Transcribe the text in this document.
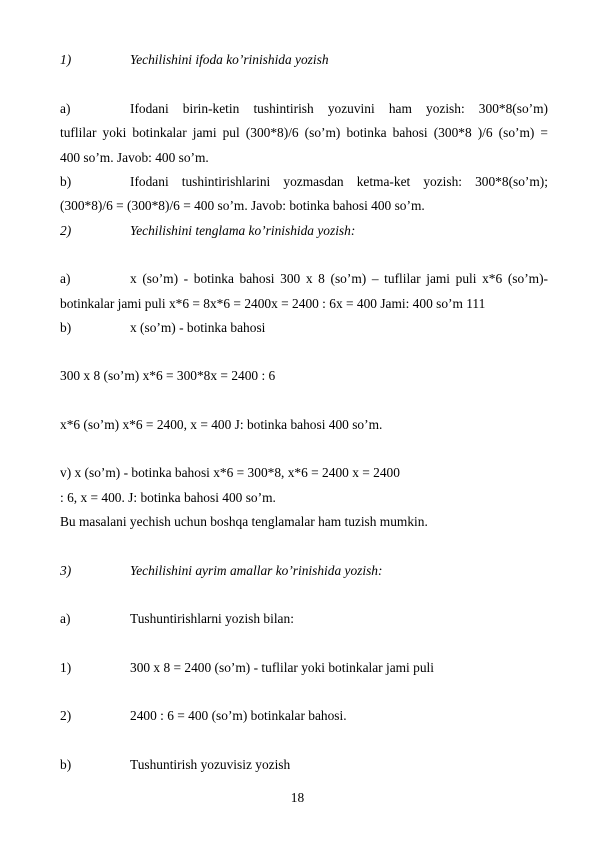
1)	Yechilishini ifoda ko’rinishida yozish
a)	Ifodani birin-ketin tushintirish yozuvini ham yozish: 300*8(so’m)
tuflilar yoki botinkalar jami pul (300*8)/6 (so’m) botinka bahosi (300*8 )/6 (so’m) =
400 so’m. Javob: 400 so’m.
b)	Ifodani tushintirishlarini yozmasdan ketma-ket yozish: 300*8(so’m);
(300*8)/6 = (300*8)/6 = 400 so’m. Javob: botinka bahosi 400 so’m.
2)	Yechilishini tenglama ko’rinishida yozish:
a)	x (so’m) - botinka bahosi 300 x 8 (so’m) – tuflilar jami puli x*6 (so’m)-
botinkalar jami puli x*6 = 8x*6 = 2400x = 2400 : 6x = 400 Jami: 400 so’m 111
b)	x (so’m) - botinka bahosi
300 x 8 (so’m) x*6 = 300*8x = 2400 : 6
x*6 (so’m) x*6 = 2400, x = 400 J: botinka bahosi 400 so’m.
v) x (so’m) - botinka bahosi x*6 = 300*8, x*6 = 2400 x = 2400
: 6, x = 400. J: botinka bahosi 400 so’m.
Bu masalani yechish uchun boshqa tenglamalar ham tuzish mumkin.
3)	Yechilishini ayrim amallar ko’rinishida yozish:
a)	Tushuntirishlarni yozish bilan:
1)	300 x 8 = 2400 (so’m) - tuflilar yoki botinkalar jami puli
2)	2400 : 6 = 400 (so’m) botinkalar bahosi.
b)	Tushuntirish yozuvisiz yozish
18
